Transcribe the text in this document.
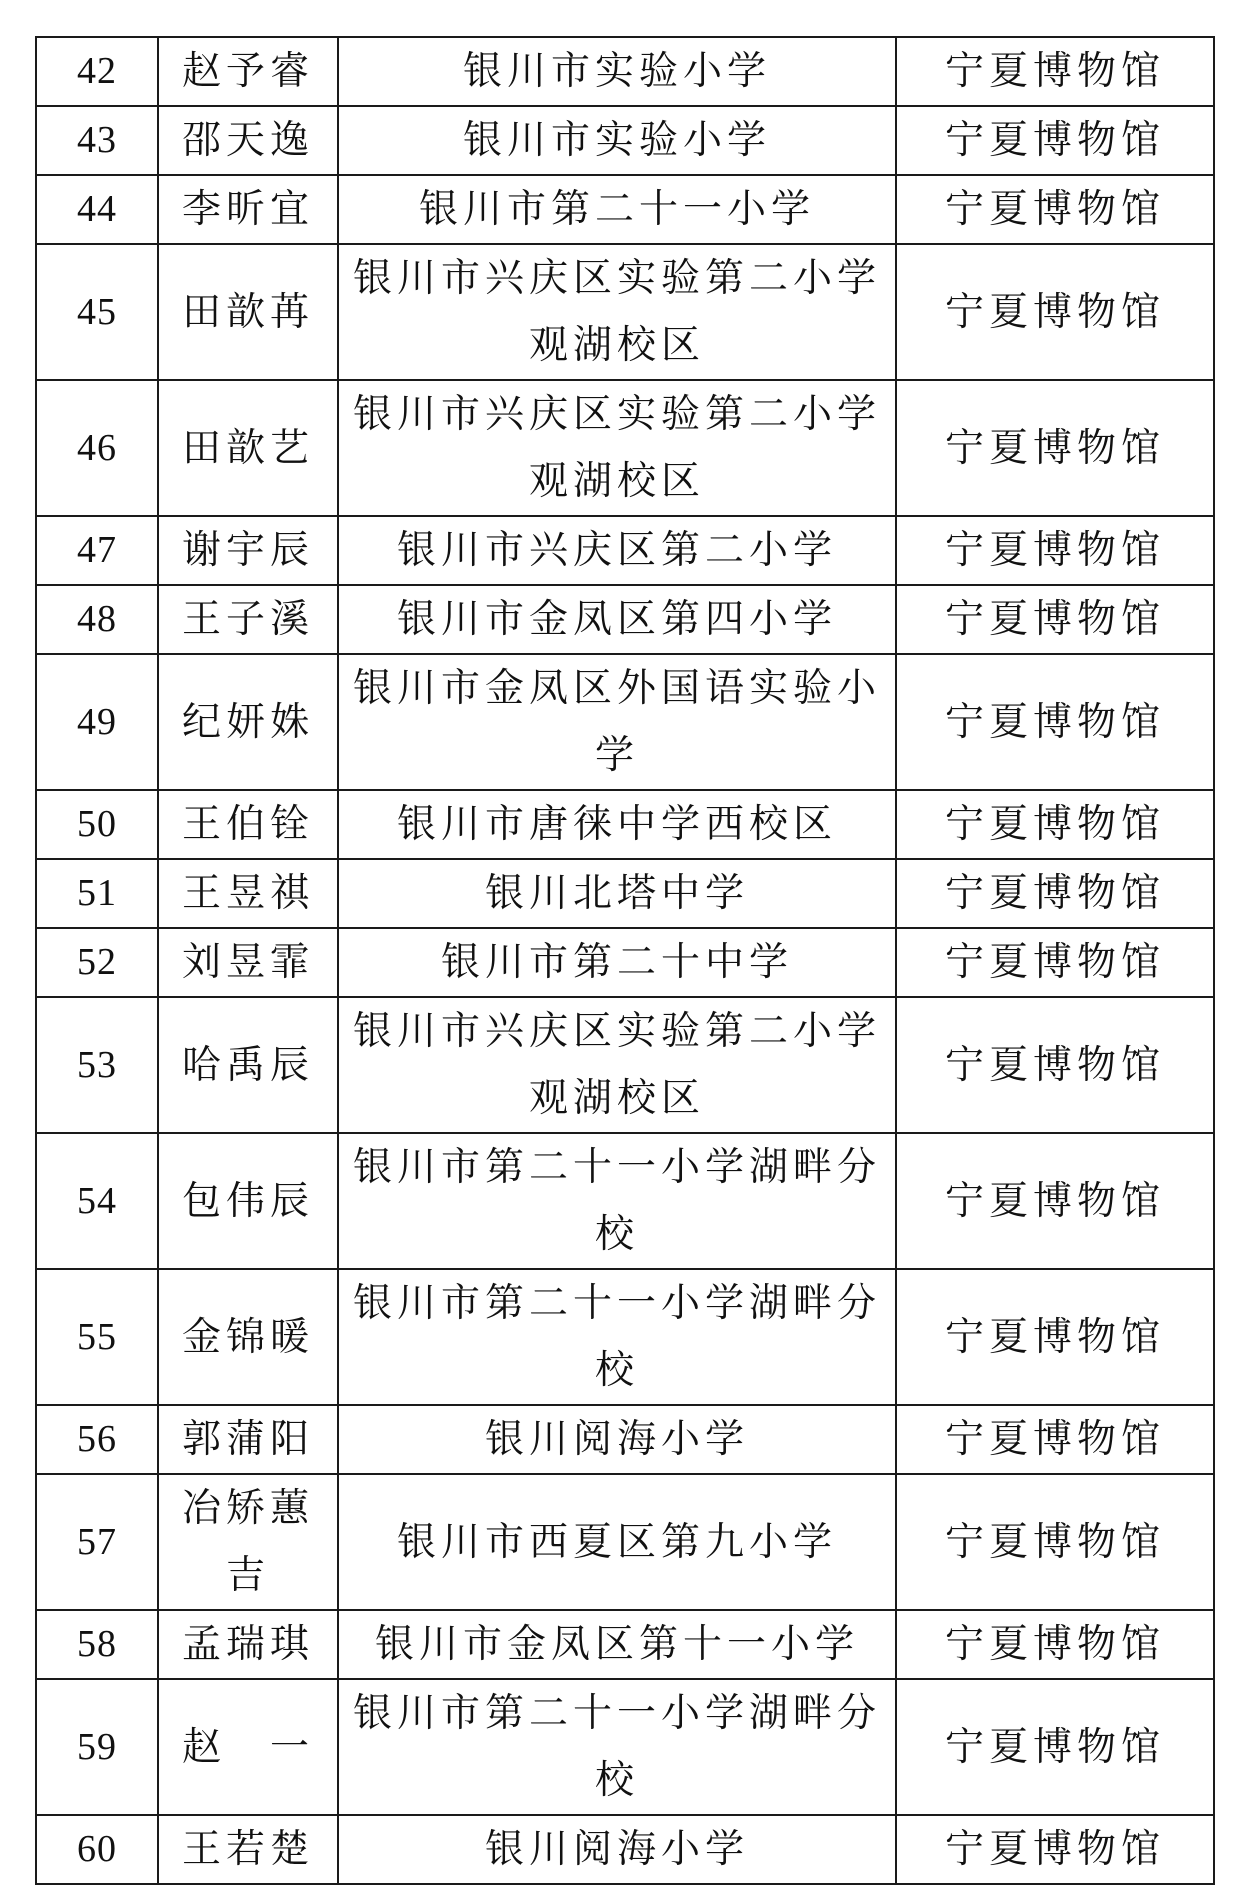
42	赵予睿	银川市实验小学	宁夏博物馆
43	邵天逸	银川市实验小学	宁夏博物馆
44	李昕宜	银川市第二十一小学	宁夏博物馆
45	田歆苒	银川市兴庆区实验第二小学观湖校区	宁夏博物馆
46	田歆艺	银川市兴庆区实验第二小学观湖校区	宁夏博物馆
47	谢宇辰	银川市兴庆区第二小学	宁夏博物馆
48	王子溪	银川市金凤区第四小学	宁夏博物馆
49	纪妍姝	银川市金凤区外国语实验小学	宁夏博物馆
50	王伯铨	银川市唐徕中学西校区	宁夏博物馆
51	王昱祺	银川北塔中学	宁夏博物馆
52	刘昱霏	银川市第二十中学	宁夏博物馆
53	哈禹辰	银川市兴庆区实验第二小学观湖校区	宁夏博物馆
54	包伟辰	银川市第二十一小学湖畔分校	宁夏博物馆
55	金锦暖	银川市第二十一小学湖畔分校	宁夏博物馆
56	郭蒲阳	银川阅海小学	宁夏博物馆
57	冶矫蕙吉	银川市西夏区第九小学	宁夏博物馆
58	孟瑞琪	银川市金凤区第十一小学	宁夏博物馆
59	赵　一	银川市第二十一小学湖畔分校	宁夏博物馆
60	王若楚	银川阅海小学	宁夏博物馆
